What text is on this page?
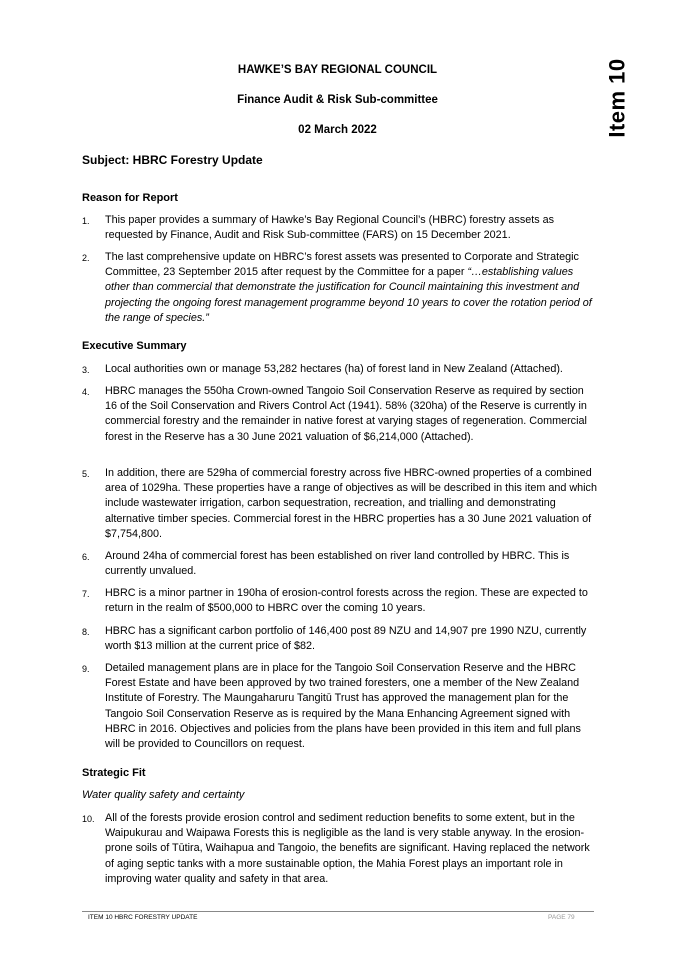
HAWKE’S BAY REGIONAL COUNCIL
Finance Audit & Risk Sub-committee
02 March 2022	Item 10
Subject: HBRC Forestry Update
Reason for Report
1. This paper provides a summary of Hawke’s Bay Regional Council’s (HBRC) forestry assets as requested by Finance, Audit and Risk Sub-committee (FARS) on 15 December 2021.
2. The last comprehensive update on HBRC’s forest assets was presented to Corporate and Strategic Committee, 23 September 2015 after request by the Committee for a paper “…establishing values other than commercial that demonstrate the justification for Council maintaining this investment and projecting the ongoing forest management programme beyond 10 years to cover the rotation period of the range of species.”
Executive Summary
3. Local authorities own or manage 53,282 hectares (ha) of forest land in New Zealand (Attached).
4. HBRC manages the 550ha Crown-owned Tangoio Soil Conservation Reserve as required by section 16 of the Soil Conservation and Rivers Control Act (1941). 58% (320ha) of the Reserve is currently in commercial forestry and the remainder in native forest at varying stages of regeneration. Commercial forest in the Reserve has a 30 June 2021 valuation of $6,214,000 (Attached).
5. In addition, there are 529ha of commercial forestry across five HBRC-owned properties of a combined area of 1029ha. These properties have a range of objectives as will be described in this item and which include wastewater irrigation, carbon sequestration, recreation, and trialling and demonstrating alternative timber species. Commercial forest in the HBRC properties has a 30 June 2021 valuation of $7,754,800.
6. Around 24ha of commercial forest has been established on river land controlled by HBRC. This is currently unvalued.
7. HBRC is a minor partner in 190ha of erosion-control forests across the region. These are expected to return in the realm of $500,000 to HBRC over the coming 10 years.
8. HBRC has a significant carbon portfolio of 146,400 post 89 NZU and 14,907 pre 1990 NZU, currently worth $13 million at the current price of $82.
9. Detailed management plans are in place for the Tangoio Soil Conservation Reserve and the HBRC Forest Estate and have been approved by two trained foresters, one a member of the New Zealand Institute of Forestry. The Maungaharuru Tangitū Trust has approved the management plan for the Tangoio Soil Conservation Reserve as is required by the Mana Enhancing Agreement signed with HBRC in 2016. Objectives and policies from the plans have been provided in this item and full plans will be provided to Councillors on request.
Strategic Fit
Water quality safety and certainty
10. All of the forests provide erosion control and sediment reduction benefits to some extent, but in the Waipukurau and Waipawa Forests this is negligible as the land is very stable anyway. In the erosion-prone soils of Tūtira, Waihapua and Tangoio, the benefits are significant. Having replaced the network of aging septic tanks with a more sustainable option, the Mahia Forest plays an important role in improving water quality and safety in that area.
ITEM 10 HBRC FORESTRY UPDATE	PAGE 79
